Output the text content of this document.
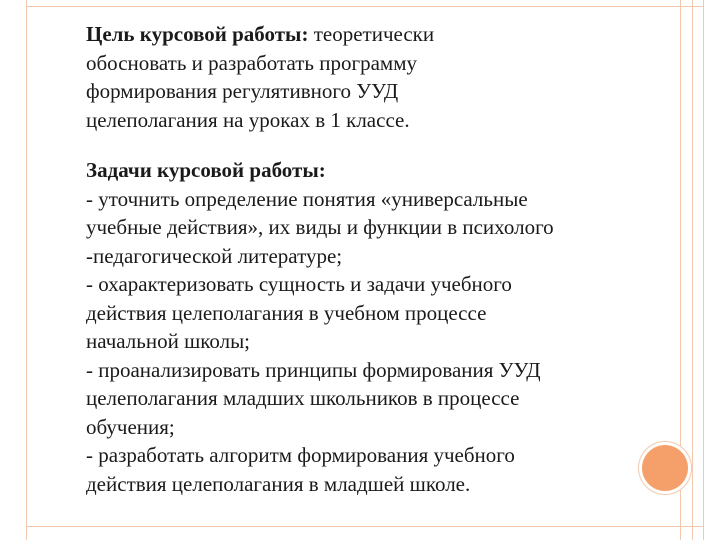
Цель курсовой работы: теоретически
обосновать и разработать программу
формирования регулятивного УУД
целеполагания на уроках в 1 классе.
Задачи курсовой работы:
- уточнить определение понятия «универсальные
учебные действия», их виды и функции в психолого
-педагогической литературе;
- охарактеризовать сущность и задачи учебного
действия целеполагания в учебном процессе
начальной школы;
- проанализировать принципы формирования УУД
целеполагания младших школьников в процессе
обучения;
- разработать алгоритм формирования учебного
действия целеполагания в младшей школе.
